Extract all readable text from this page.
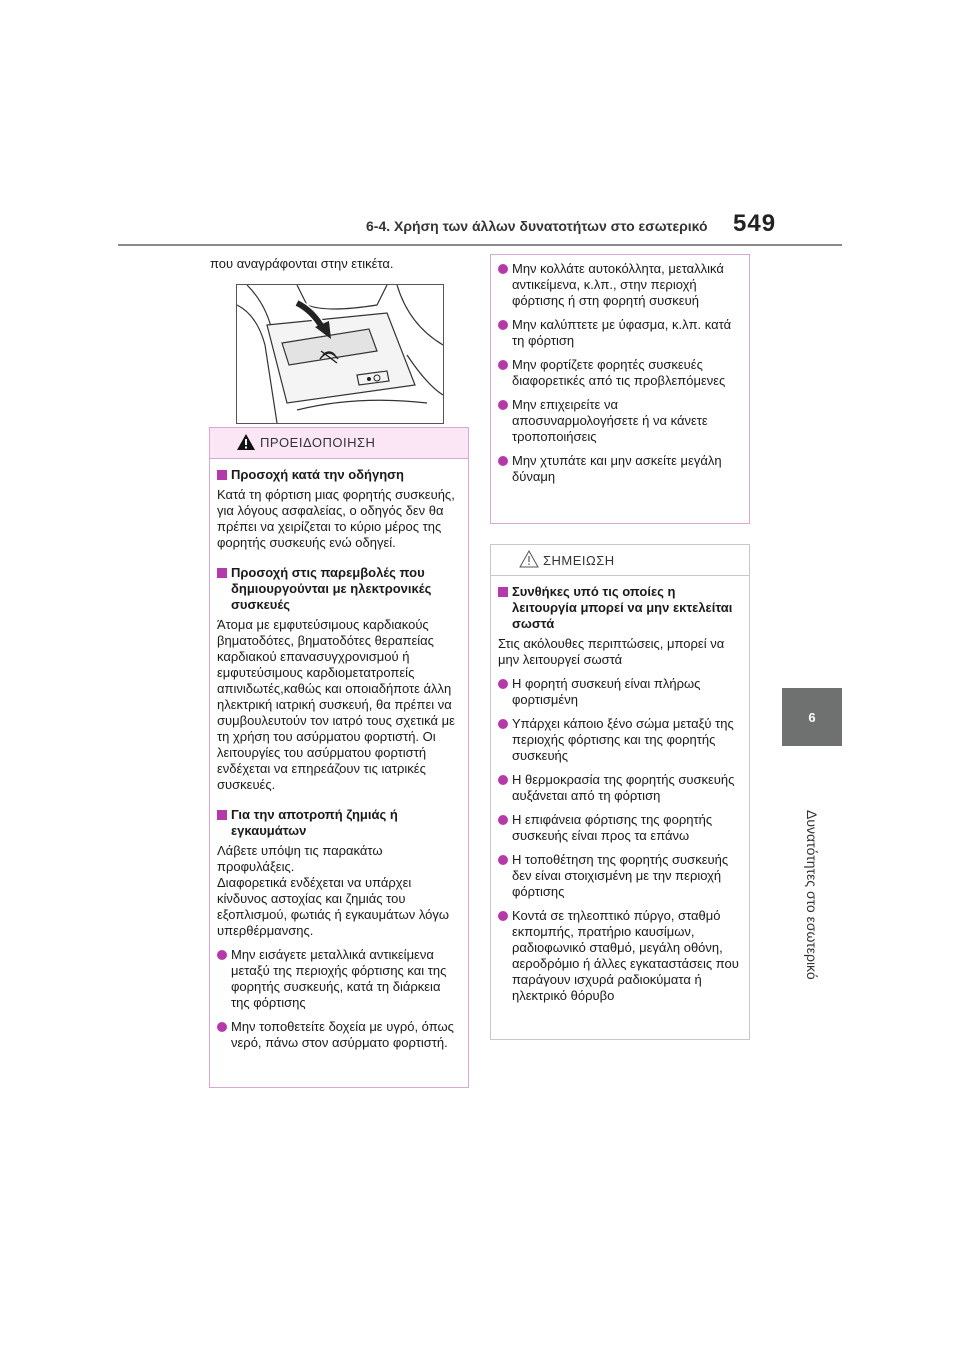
6-4. Χρήση των άλλων δυνατοτήτων στο εσωτερικό 549
6
Δυνατότητες στο εσωτερικό
που αναγράφονται στην ετικέτα.
ΠΡΟΕΙΔΟΠΟΙΗΣΗ
Προσοχή κατά την οδήγηση
Κατά τη φόρτιση μιας φορητής συσκευής, για λόγους ασφαλείας, ο οδηγός δεν θα πρέπει να χειρίζεται το κύριο μέρος της φορητής συσκευής ενώ οδηγεί.
Προσοχή στις παρεμβολές που δημιουργούνται με ηλεκτρονικές συσκευές
Άτομα με εμφυτεύσιμους καρδιακούς βηματοδότες, βηματοδότες θεραπείας καρδιακού επανασυγχρονισμού ή εμφυτεύσιμους καρδιομετατροπείς απινιδωτές,καθώς και οποιαδήποτε άλλη ηλεκτρική ιατρική συσκευή, θα πρέπει να συμβουλευτούν τον ιατρό τους σχετικά με τη χρήση του ασύρματου φορτιστή. Οι λειτουργίες του ασύρματου φορτιστή ενδέχεται να επηρεάζουν τις ιατρικές συσκευές.
Για την αποτροπή ζημιάς ή εγκαυμάτων
Λάβετε υπόψη τις παρακάτω προφυλάξεις.
Διαφορετικά ενδέχεται να υπάρχει κίνδυνος αστοχίας και ζημιάς του εξοπλισμού, φωτιάς ή εγκαυμάτων λόγω υπερθέρμανσης.
Μην εισάγετε μεταλλικά αντικείμενα μεταξύ της περιοχής φόρτισης και της φορητής συσκευής, κατά τη διάρκεια της φόρτισης
Μην τοποθετείτε δοχεία με υγρό, όπως νερό, πάνω στον ασύρματο φορτιστή.
Μην κολλάτε αυτοκόλλητα, μεταλλικά αντικείμενα, κ.λπ., στην περιοχή φόρτισης ή στη φορητή συσκευή
Μην καλύπτετε με ύφασμα, κ.λπ. κατά τη φόρτιση
Μην φορτίζετε φορητές συσκευές διαφορετικές από τις προβλεπόμενες
Μην επιχειρείτε να αποσυναρμολογήσετε ή να κάνετε τροποποιήσεις
Μην χτυπάτε και μην ασκείτε μεγάλη δύναμη
ΣΗΜΕΙΩΣΗ
Συνθήκες υπό τις οποίες η λειτουργία μπορεί να μην εκτελείται σωστά
Στις ακόλουθες περιπτώσεις, μπορεί να μην λειτουργεί σωστά
Η φορητή συσκευή είναι πλήρως φορτισμένη
Υπάρχει κάποιο ξένο σώμα μεταξύ της περιοχής φόρτισης και της φορητής συσκευής
Η θερμοκρασία της φορητής συσκευής αυξάνεται από τη φόρτιση
Η επιφάνεια φόρτισης της φορητής συσκευής είναι προς τα επάνω
Η τοποθέτηση της φορητής συσκευής δεν είναι στοιχισμένη με την περιοχή φόρτισης
Κοντά σε τηλεοπτικό πύργο, σταθμό εκπομπής, πρατήριο καυσίμων, ραδιοφωνικό σταθμό, μεγάλη οθόνη, αεροδρόμιο ή άλλες εγκαταστάσεις που παράγουν ισχυρά ραδιοκύματα ή ηλεκτρικό θόρυβο
